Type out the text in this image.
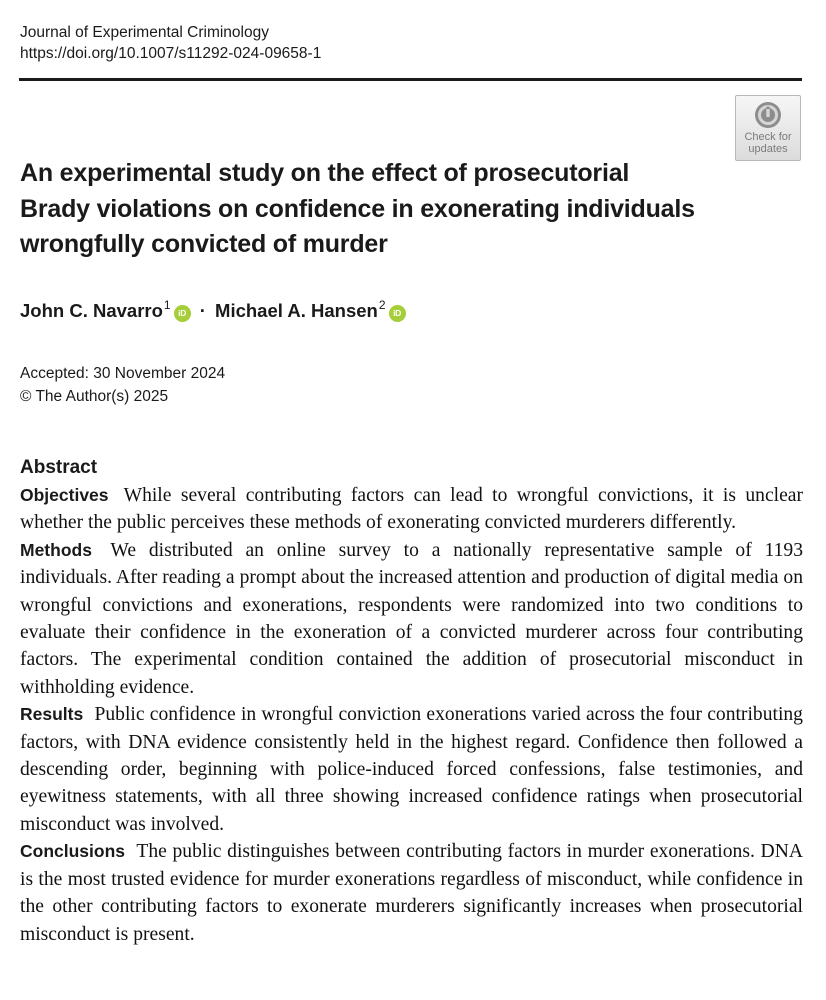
Journal of Experimental Criminology
https://doi.org/10.1007/s11292-024-09658-1
Check for
updates
An experimental study on the effect of prosecutorial
Brady violations on confidence in exonerating individuals
wrongfully convicted of murder
John C. Navarro$^1$iD · Michael A. Hansen$^2$iD
Accepted: 30 November 2024
© The Author(s) 2025
Abstract

Objectives While several contributing factors can lead to wrongful convictions, it is unclear whether the public perceives these methods of exonerating convicted murderers differently.

Methods We distributed an online survey to a nationally representative sample of 1193 individuals. After reading a prompt about the increased attention and production of digital media on wrongful convictions and exonerations, respondents were randomized into two conditions to evaluate their confidence in the exoneration of a convicted murderer across four contributing factors. The experimental condition contained the addition of prosecutorial misconduct in withholding evidence.

Results Public confidence in wrongful conviction exonerations varied across the four contributing factors, with DNA evidence consistently held in the highest regard. Confidence then followed a descending order, beginning with police-induced forced confessions, false testimonies, and eyewitness statements, with all three showing increased confidence ratings when prosecutorial misconduct was involved.

Conclusions The public distinguishes between contributing factors in murder exonerations. DNA is the most trusted evidence for murder exonerations regardless of misconduct, while confidence in the other contributing factors to exonerate murderers significantly increases when prosecutorial misconduct is present.
